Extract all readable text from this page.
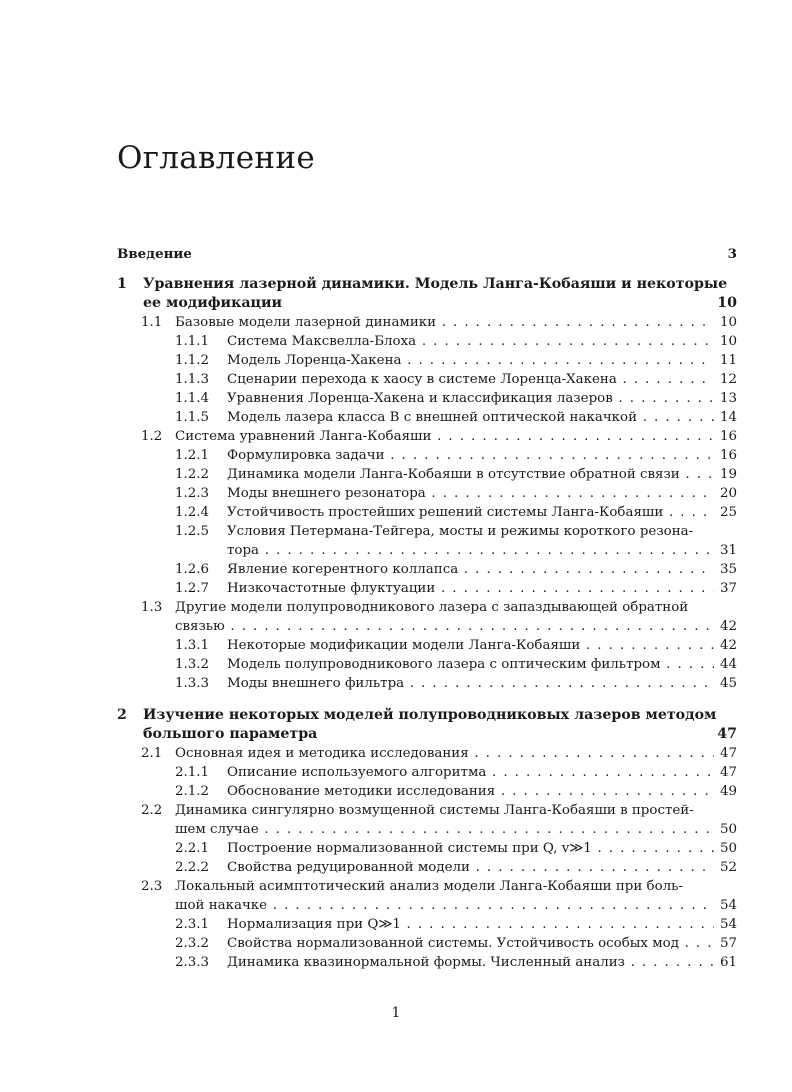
Оглавление
Введение	3
1	Уравнения лазерной динамики. Модель Ланга-Кобаяши и некоторые
ее модификации	10
1.1 Базовые модели лазерной динамики . . .	10
1.1.1	Система Максвелла-Блоха . . .	10
1.1.2	Модель Лоренца-Хакена . . .	11
1.1.3	Сценарии перехода к хаосу в системе Лоренца-Хакена . . .	12
1.1.4	Уравнения Лоренца-Хакена и классификация лазеров . . .	13
1.1.5	Модель лазера класса B с внешней оптической накачкой . . .	14
1.2 Система уравнений Ланга-Кобаяши . . .	16
1.2.1	Формулировка задачи . . .	16
1.2.2	Динамика модели Ланга-Кобаяши в отсутствие обратной связи . . .	19
1.2.3	Моды внешнего резонатора . . .	20
1.2.4	Устойчивость простейших решений системы Ланга-Кобаяши . . .	25
1.2.5	Условия Петермана-Тейгера, мосты и режимы короткого резона-
тора . . .	31
1.2.6	Явление когерентного коллапса . . .	35
1.2.7	Низкочастотные флуктуации . . .	37
1.3 Другие модели полупроводникового лазера с запаздывающей обратной
связью . . .	42
1.3.1	Некоторые модификации модели Ланга-Кобаяши . . .	42
1.3.2	Модель полупроводникового лазера с оптическим фильтром . . .	44
1.3.3	Моды внешнего фильтра . . .	45
2	Изучение некоторых моделей полупроводниковых лазеров методом
большого параметра	47
2.1 Основная идея и методика исследования . . .	47
2.1.1	Описание используемого алгоритма . . .	47
2.1.2	Обоснование методики исследования . . .	49
2.2 Динамика сингулярно возмущенной системы Ланга-Кобаяши в простей-
шем случае . . .	50
2.2.1	Построение нормализованной системы при Q, v≫1 . . .	50
2.2.2	Свойства редуцированной модели . . .	52
2.3 Локальный асимптотический анализ модели Ланга-Кобаяши при боль-
шой накачке . . .	54
2.3.1	Нормализация при Q≫1 . . .	54
2.3.2	Свойства нормализованной системы. Устойчивость особых мод . . .	57
2.3.3	Динамика квазинормальной формы. Численный анализ . . .	61
1
